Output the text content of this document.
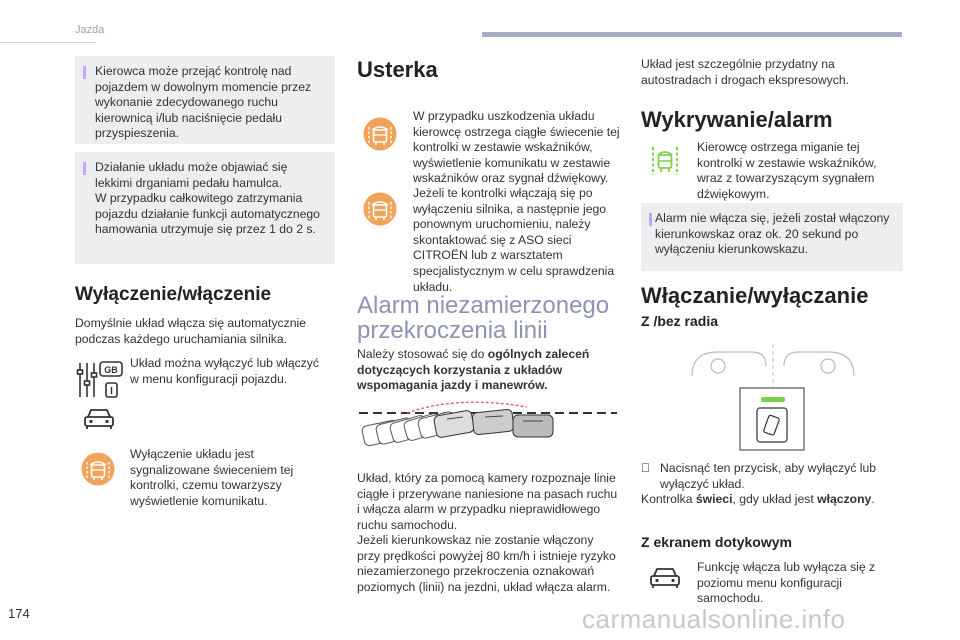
Jazda

Kierowca może przejąć kontrolę nad pojazdem w dowolnym momencie przez wykonanie zdecydowanego ruchu kierownicą i/lub naciśnięcie pedału przyspieszenia.

Działanie układu może objawiać się lekkimi drganiami pedału hamulca.

W przypadku całkowitego zatrzymania pojazdu działanie funkcji automatycznego hamowania utrzymuje się przez 1 do 2 s.

Wyłączenie/włączenie

Domyślnie układ włącza się automatycznie podczas każdego uruchamiania silnika.

GB
I

Układ można wyłączyć lub włączyć w menu konfiguracji pojazdu.

Wyłączenie układu jest sygnalizowane świeceniem tej kontrolki, czemu towarzyszy wyświetlenie komunikatu.

Usterka

W przypadku uszkodzenia układu kierowcę ostrzega ciągłe świecenie tej kontrolki w zestawie wskaźników, wyświetlenie komunikatu w zestawie wskaźników oraz sygnał dźwiękowy.

Jeżeli te kontrolki włączają się po wyłączeniu silnika, a następnie jego ponownym uruchomieniu, należy skontaktować się z ASO sieci CITROËN lub z warsztatem specjalistycznym w celu sprawdzenia układu.

Alarm niezamierzonego

przekroczenia linii

Należy stosować się do ogólnych zaleceń dotyczących korzystania z układów wspomagania jazdy i manewrów.

Układ, który za pomocą kamery rozpoznaje linie ciągłe i przerywane naniesione na pasach ruchu i włącza alarm w przypadku nieprawidłowego ruchu samochodu.

Jeżeli kierunkowskaz nie zostanie włączony przy prędkości powyżej 80 km/h i istnieje ryzyko niezamierzonego przekroczenia oznakowań poziomych (linii) na jezdni, układ włącza alarm.

Układ jest szczególnie przydatny na autostradach i drogach ekspresowych.

Wykrywanie/alarm

Kierowcę ostrzega miganie tej kontrolki w zestawie wskaźników, wraz z towarzyszącym sygnałem dźwiękowym.

Alarm nie włącza się, jeżeli został włączony kierunkowskaz oraz ok. 20 sekund po wyłączeniu kierunkowskazu.

Włączanie/wyłączanie

Z /bez radia

Nacisnąć ten przycisk, aby wyłączyć lub wyłączyć układ.

Kontrolka świeci, gdy układ jest włączony.

Z ekranem dotykowym

Funkcję włącza lub wyłącza się z poziomu menu konfiguracji samochodu.

174	carmanualsonline.info
